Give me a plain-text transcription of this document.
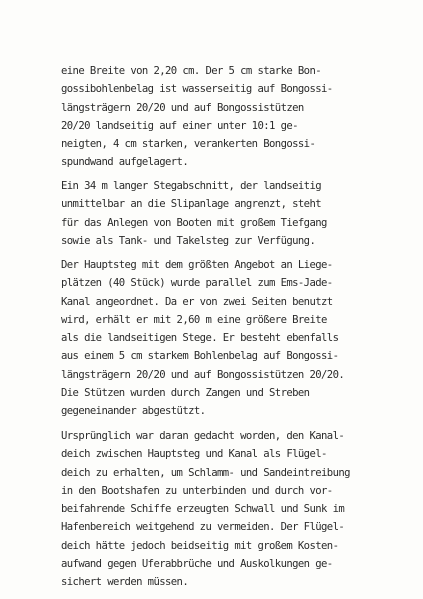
eine Breite von 2,20 cm. Der 5 cm starke Bon-
gossibohlenbelag ist wasserseitig auf Bongossi-
längsträgern 20/20 und auf Bongossistützen
20/20 landseitig auf einer unter 10:1 ge-
neigten, 4 cm starken, verankerten Bongossi-
spundwand aufgelagert.

Ein 34 m langer Stegabschnitt, der landseitig
unmittelbar an die Slipanlage angrenzt, steht
für das Anlegen von Booten mit großem Tiefgang
sowie als Tank- und Takelsteg zur Verfügung.

Der Hauptsteg mit dem größten Angebot an Liege-
plätzen (40 Stück) wurde parallel zum Ems-Jade-
Kanal angeordnet. Da er von zwei Seiten benutzt
wird, erhält er mit 2,60 m eine größere Breite
als die landseitigen Stege. Er besteht ebenfalls
aus einem 5 cm starkem Bohlenbelag auf Bongossi-
längsträgern 20/20 und auf Bongossistützen 20/20.
Die Stützen wurden durch Zangen und Streben
gegeneinander abgestützt.

Ursprünglich war daran gedacht worden, den Kanal-
deich zwischen Hauptsteg und Kanal als Flügel-
deich zu erhalten, um Schlamm- und Sandeintreibung
in den Bootshafen zu unterbinden und durch vor-
beifahrende Schiffe erzeugten Schwall und Sunk im
Hafenbereich weitgehend zu vermeiden. Der Flügel-
deich hätte jedoch beidseitig mit großem Kosten-
aufwand gegen Uferabbrüche und Auskolkungen ge-
sichert werden müssen.
